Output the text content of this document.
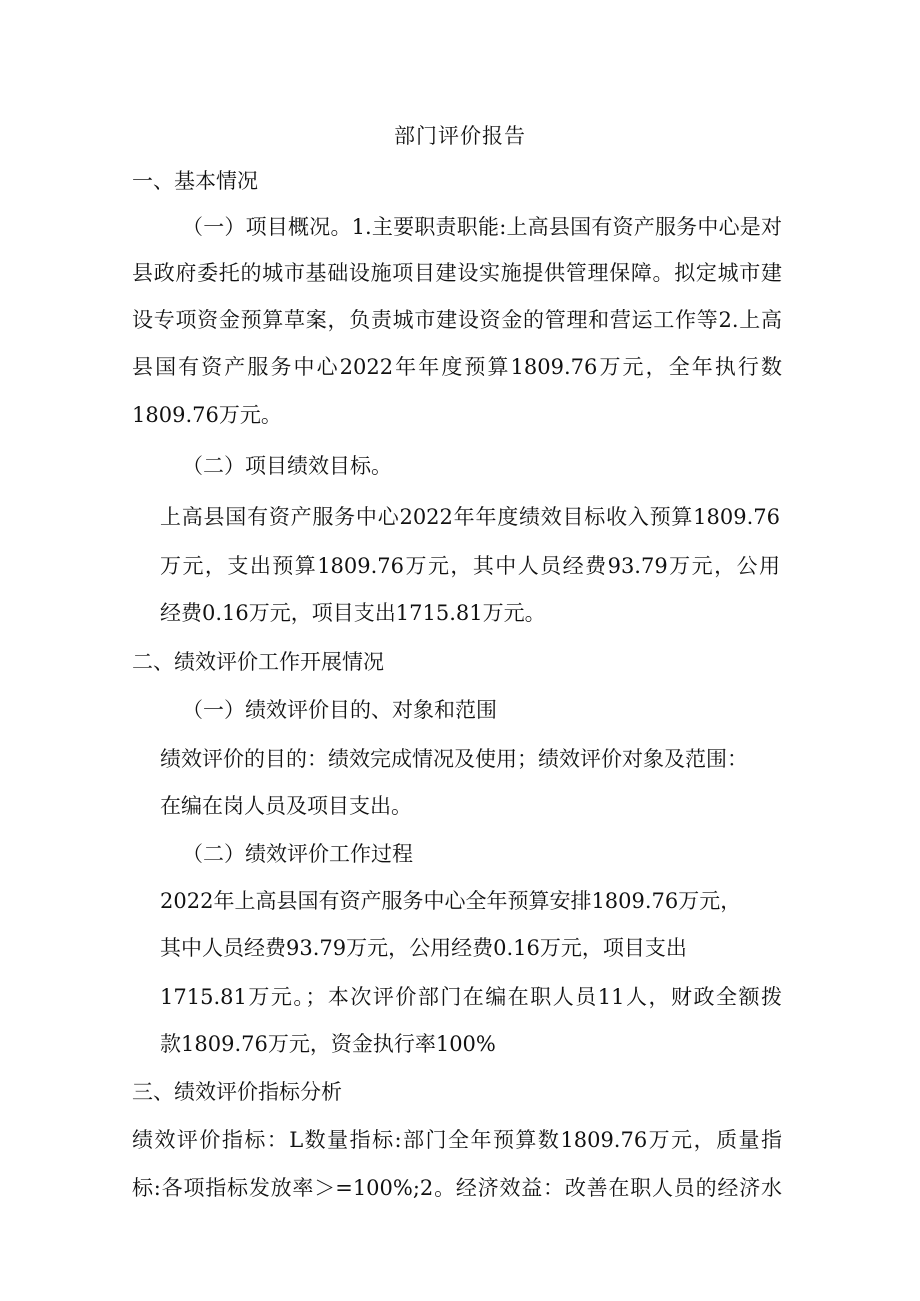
部门评价报告
一、基本情况
（一）项目概况。1.主要职责职能:上高县国有资产服务中心是对
县政府委托的城市基础设施项目建设实施提供管理保障。拟定城市建
设专项资金预算草案，负责城市建设资金的管理和营运工作等2.上高
县国有资产服务中心2022年年度预算1809.76万元，全年执行数
1809.76万元。
（二）项目绩效目标。
上高县国有资产服务中心2022年年度绩效目标收入预算1809.76
万元，支出预算1809.76万元，其中人员经费93.79万元，公用
经费0.16万元，项目支出1715.81万元。
二、绩效评价工作开展情况
（一）绩效评价目的、对象和范围
绩效评价的目的：绩效完成情况及使用；绩效评价对象及范围：
在编在岗人员及项目支出。
（二）绩效评价工作过程
2022年上高县国有资产服务中心全年预算安排1809.76万元，
其中人员经费93.79万元，公用经费0.16万元，项目支出
1715.81万元。；本次评价部门在编在职人员11人，财政全额拨
款1809.76万元，资金执行率100%
三、绩效评价指标分析
绩效评价指标：L数量指标:部门全年预算数1809.76万元，质量指
标:各项指标发放率＞=100%;2。经济效益：改善在职人员的经济水
